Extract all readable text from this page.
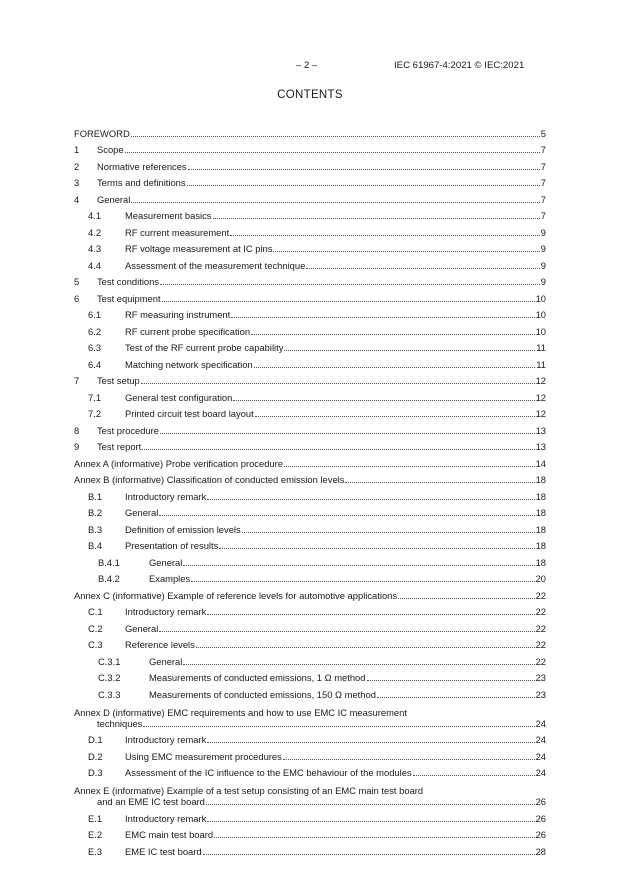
– 2 –	IEC 61967-4:2021 © IEC:2021
CONTENTS
FOREWORD	5
1	Scope	7
2	Normative references	7
3	Terms and definitions	7
4	General	7
4.1	Measurement basics	7
4.2	RF current measurement	9
4.3	RF voltage measurement at IC pins	9
4.4	Assessment of the measurement technique	9
5	Test conditions	9
6	Test equipment	10
6.1	RF measuring instrument	10
6.2	RF current probe specification	10
6.3	Test of the RF current probe capability	11
6.4	Matching network specification	11
7	Test setup	12
7.1	General test configuration	12
7.2	Printed circuit test board layout	12
8	Test procedure	13
9	Test report	13
Annex A (informative) Probe verification procedure	14
Annex B (informative) Classification of conducted emission levels	18
B.1	Introductory remark	18
B.2	General	18
B.3	Definition of emission levels	18
B.4	Presentation of results	18
B.4.1	General	18
B.4.2	Examples	20
Annex C (informative) Example of reference levels for automotive applications	22
C.1	Introductory remark	22
C.2	General	22
C.3	Reference levels	22
C.3.1	General	22
C.3.2	Measurements of conducted emissions, 1 Ω method	23
C.3.3	Measurements of conducted emissions, 150 Ω method	23
Annex D (informative) EMC requirements and how to use EMC IC measurement
techniques	24
D.1	Introductory remark	24
D.2	Using EMC measurement procedures	24
D.3	Assessment of the IC influence to the EMC behaviour of the modules	24
Annex E (informative) Example of a test setup consisting of an EMC main test board
and an EME IC test board	26
E.1	Introductory remark	26
E.2	EMC main test board	26
E.3	EME IC test board	28
